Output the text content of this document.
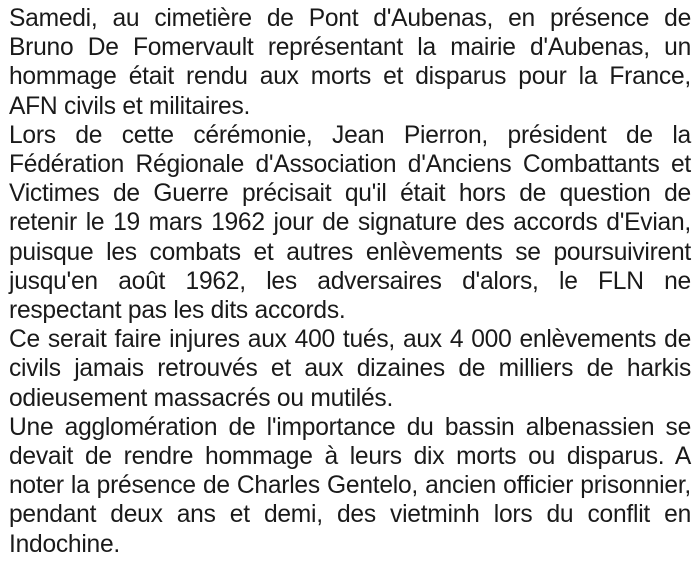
Samedi, au cimetière de Pont d'Aubenas, en présence de Bruno De Fomervault représentant la mairie d'Aubenas, un hommage était rendu aux morts et disparus pour la France, AFN civils et militaires.

Lors de cette cérémonie, Jean Pierron, président de la Fédération Régionale d'Association d'Anciens Combattants et Victimes de Guerre précisait qu'il était hors de question de retenir le 19 mars 1962 jour de signature des accords d'Evian, puisque les combats et autres enlèvements se poursuivirent jusqu'en août 1962, les adversaires d'alors, le FLN ne respectant pas les dits accords.

Ce serait faire injures aux 400 tués, aux 4 000 enlèvements de civils jamais retrouvés et aux dizaines de milliers de harkis odieusement massacrés ou mutilés.

Une agglomération de l'importance du bassin albenassien se devait de rendre hommage à leurs dix morts ou disparus. A noter la présence de Charles Gentelo, ancien officier prisonnier, pendant deux ans et demi, des vietminh lors du conflit en Indochine.
